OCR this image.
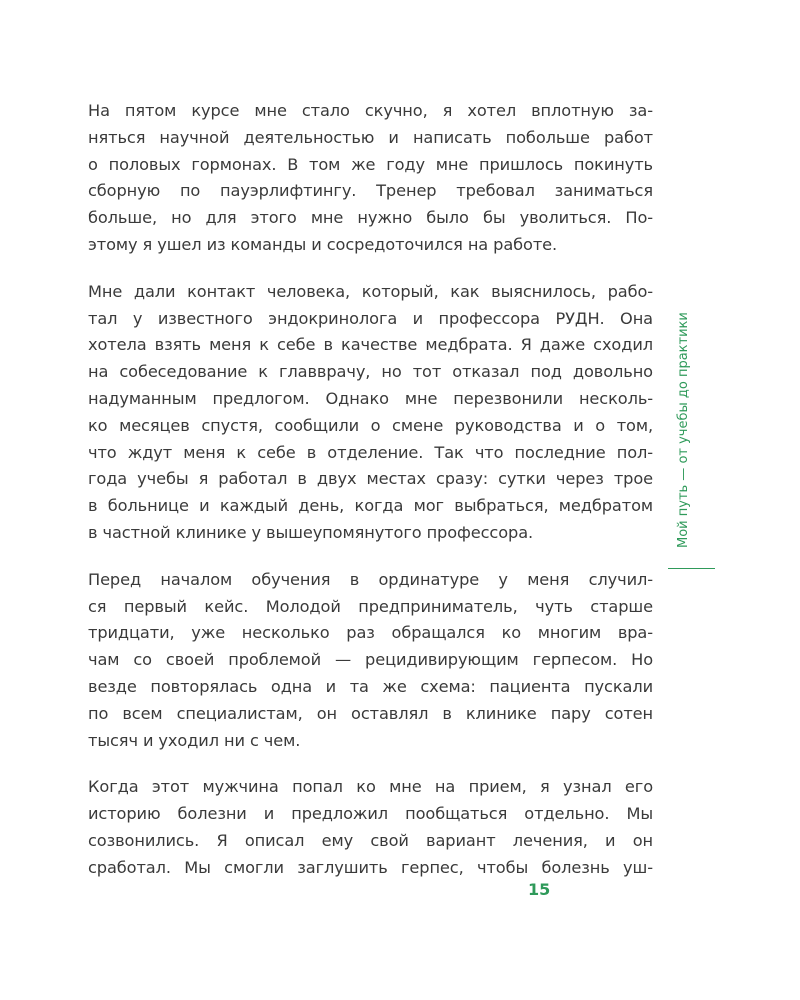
На пятом курсе мне стало скучно, я хотел вплотную за-
няться научной деятельностью и написать побольше работ
о половых гормонах. В том же году мне пришлось покинуть
сборную по пауэрлифтингу. Тренер требовал заниматься
больше, но для этого мне нужно было бы уволиться. По-
этому я ушел из команды и сосредоточился на работе.

Мне дали контакт человека, который, как выяснилось, рабо-
тал у известного эндокринолога и профессора РУДН. Она
хотела взять меня к себе в качестве медбрата. Я даже сходил
на собеседование к главврачу, но тот отказал под довольно
надуманным предлогом. Однако мне перезвонили несколь-
ко месяцев спустя, сообщили о смене руководства и о том,
что ждут меня к себе в отделение. Так что последние пол-
года учебы я работал в двух местах сразу: сутки через трое
в больнице и каждый день, когда мог выбраться, медбратом
в частной клинике у вышеупомянутого профессора.

Перед началом обучения в ординатуре у меня случил-
ся первый кейс. Молодой предприниматель, чуть старше
тридцати, уже несколько раз обращался ко многим вра-
чам со своей проблемой — рецидивирующим герпесом. Но
везде повторялась одна и та же схема: пациента пускали
по всем специалистам, он оставлял в клинике пару сотен
тысяч и уходил ни с чем.

Когда этот мужчина попал ко мне на прием, я узнал его
историю болезни и предложил пообщаться отдельно. Мы
созвонились. Я описал ему свой вариант лечения, и он
сработал. Мы смогли заглушить герпес, чтобы болезнь уш-

Мой путь — от учебы до практики
15
